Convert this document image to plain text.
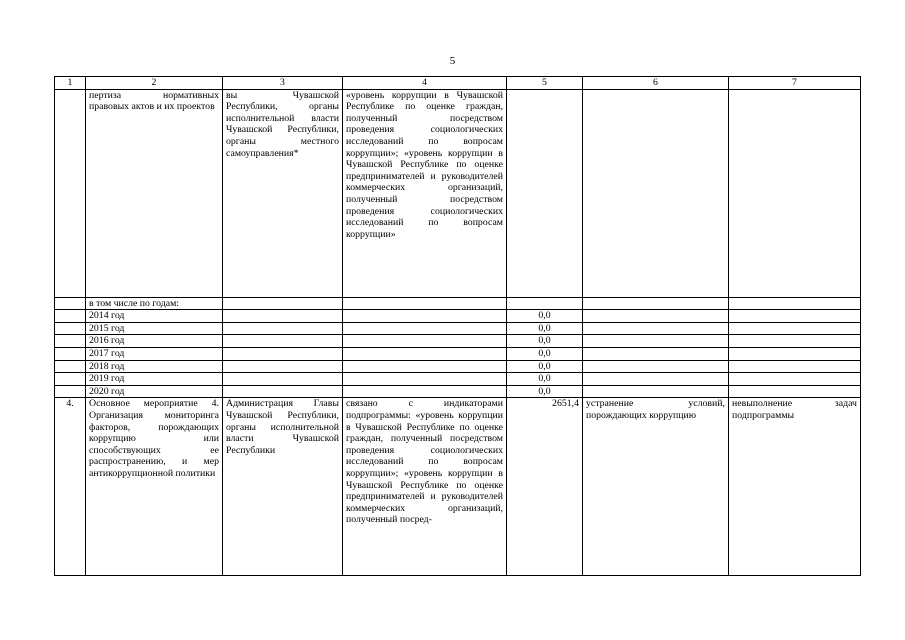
5
1	2	3	4	5	6	7
	пертиза нормативных правовых актов и их проектов	вы Чувашской Республики, органы исполнительной власти Чувашской Республики, органы местного самоуправления*	«уровень коррупции в Чувашской Республике по оценке граждан, полученный посредством проведения социологических исследований по вопросам коррупции»; «уровень коррупции в Чувашской Республике по оценке предпринимателей и руководителей коммерческих организаций, полученный посредством проведения социологических исследований по вопросам коррупции»			
	в том числе по годам:					
	2014 год			0,0		
	2015 год			0,0		
	2016 год			0,0		
	2017 год			0,0		
	2018 год			0,0		
	2019 год			0,0		
	2020 год			0,0		
4.	Основное мероприятие 4. Организация мониторинга факторов, порождающих коррупцию или способствующих ее распространению, и мер антикоррупционной политики	Администрация Главы Чувашской Республики, органы исполнительной власти Чувашской Республики	связано с индикаторами подпрограммы: «уровень коррупции в Чувашской Республике по оценке граждан, полученный посредством проведения социологических исследований по вопросам коррупции»; «уровень коррупции в Чувашской Республике по оценке предпринимателей и руководителей коммерческих организаций, полученный посред-	2651,4	устранение условий, порождающих коррупцию	невыполнение задач подпрограммы
